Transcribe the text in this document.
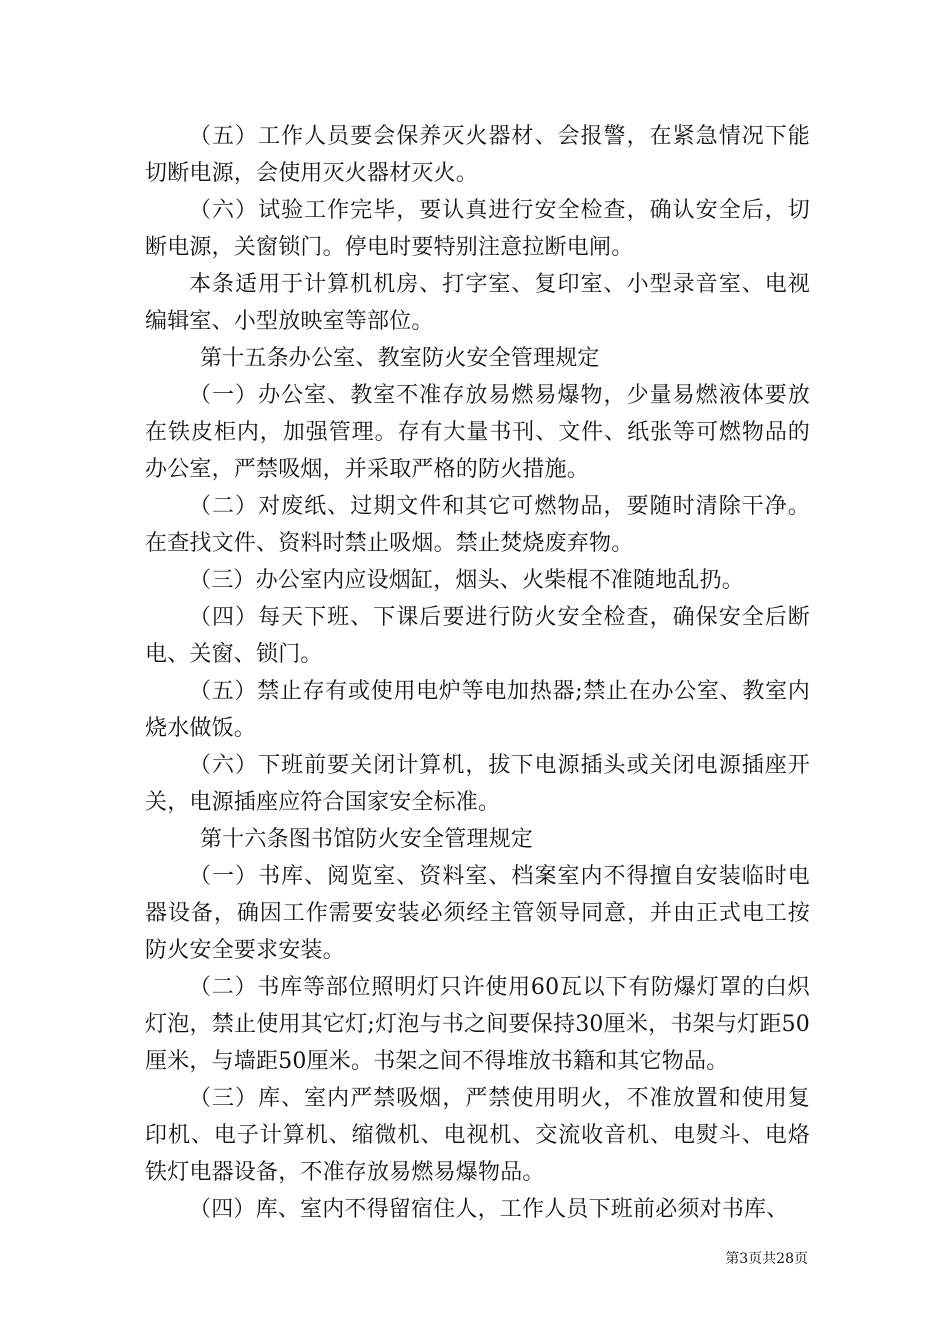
（五）工作人员要会保养灭火器材、会报警，在紧急情况下能切断电源，会使用灭火器材灭火。

（六）试验工作完毕，要认真进行安全检查，确认安全后，切断电源，关窗锁门。停电时要特别注意拉断电闸。

本条适用于计算机机房、打字室、复印室、小型录音室、电视编辑室、小型放映室等部位。

第十五条办公室、教室防火安全管理规定

（一）办公室、教室不准存放易燃易爆物，少量易燃液体要放在铁皮柜内，加强管理。存有大量书刊、文件、纸张等可燃物品的办公室，严禁吸烟，并采取严格的防火措施。

（二）对废纸、过期文件和其它可燃物品，要随时清除干净。在查找文件、资料时禁止吸烟。禁止焚烧废弃物。

（三）办公室内应设烟缸，烟头、火柴棍不准随地乱扔。

（四）每天下班、下课后要进行防火安全检查，确保安全后断电、关窗、锁门。

（五）禁止存有或使用电炉等电加热器;禁止在办公室、教室内烧水做饭。

（六）下班前要关闭计算机，拔下电源插头或关闭电源插座开关，电源插座应符合国家安全标准。

第十六条图书馆防火安全管理规定

（一）书库、阅览室、资料室、档案室内不得擅自安装临时电器设备，确因工作需要安装必须经主管领导同意，并由正式电工按防火安全要求安装。

（二）书库等部位照明灯只许使用60瓦以下有防爆灯罩的白炽灯泡，禁止使用其它灯;灯泡与书之间要保持30厘米，书架与灯距50厘米，与墙距50厘米。书架之间不得堆放书籍和其它物品。

（三）库、室内严禁吸烟，严禁使用明火，不准放置和使用复印机、电子计算机、缩微机、电视机、交流收音机、电熨斗、电烙铁灯电器设备，不准存放易燃易爆物品。

（四）库、室内不得留宿住人，工作人员下班前必须对书库、

第3页共28页
